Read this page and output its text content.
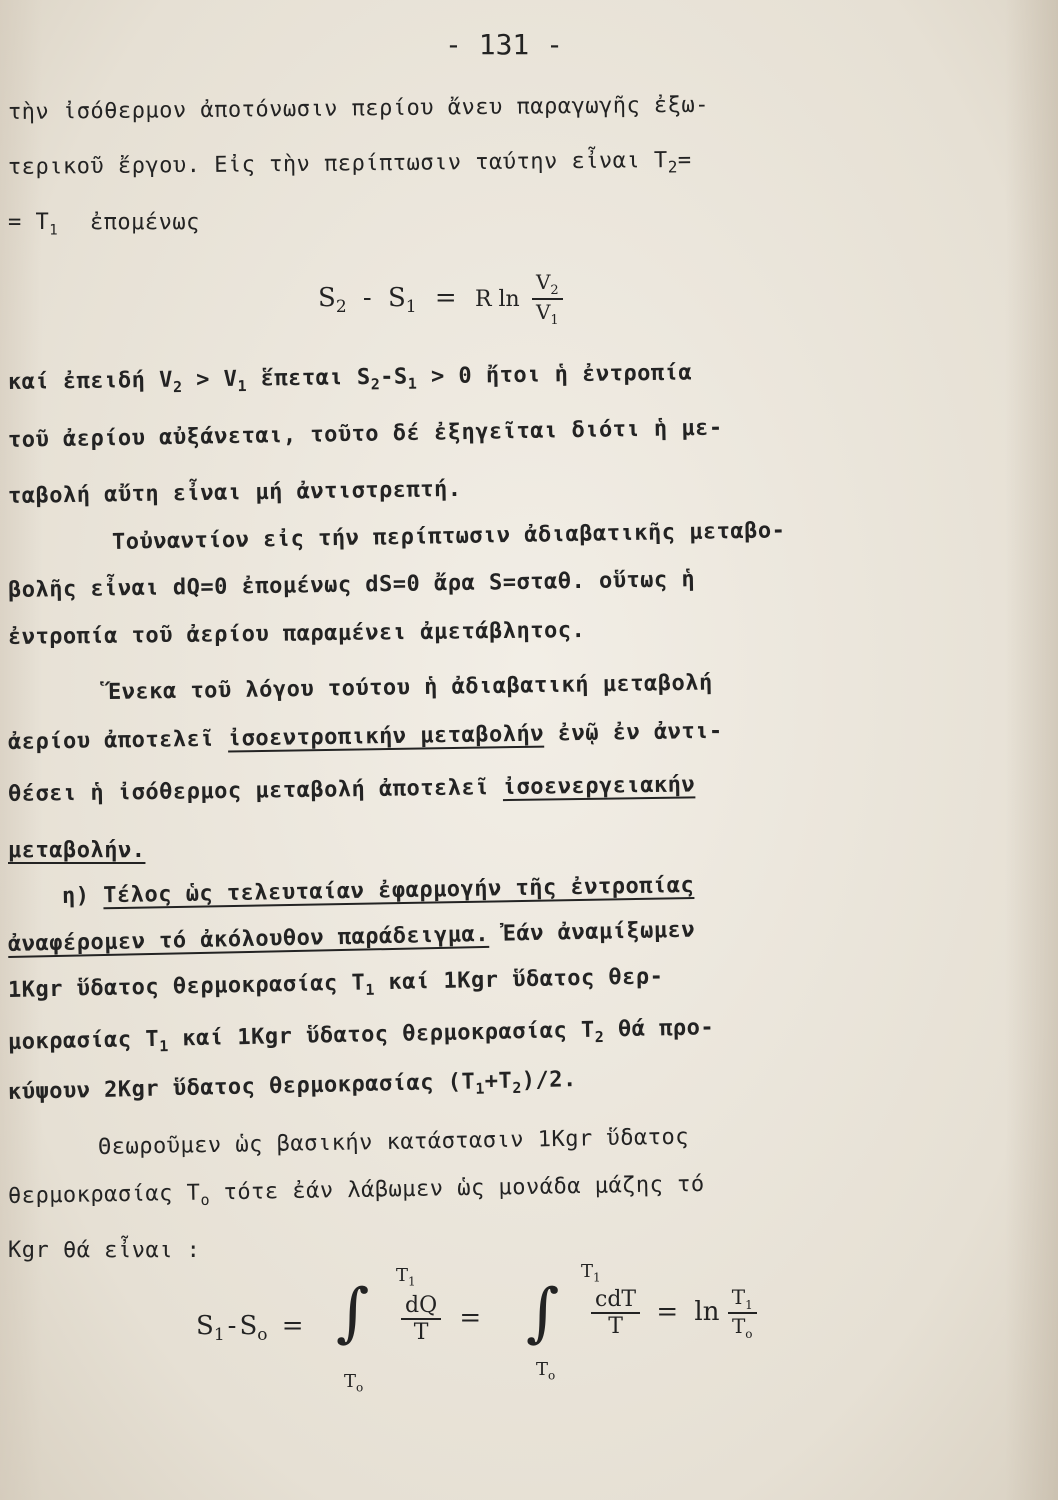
- 131 -
τὴν ἰσόθερμον ἀποτόνωσιν περίου ἄνευ παραγωγῆς ἐξω-
τερικοῦ ἔργου. Εἰς τὴν περίπτωσιν ταύτην εἶναι $T_2=$
= $T_1$ ἐπομένως
$S_2 - S_1 = R$ $\ln \frac{V_2}{V_1}$
καί ἐπειδή $V_2 > V_1$ ἕπεται $S_2-S_1 > 0$ ἤτοι ἡ ἐντροπία
τοῦ ἀερίου αὐξάνεται, τοῦτο δέ ἐξηγεῖται διότι ἡ με-
ταβολή αὔτη εἶναι μή ἀντιστρεπτή.
Τοὐναντίον εἰς τήν περίπτωσιν ἀδιαβατικῆς μεταβο-
βολῆς εἶναι dQ=0 ἐπομένως dS=0 ἄρα S=σταθ. οὕτως ἡ
ἐντροπία τοῦ ἀερίου παραμένει ἀμετάβλητος.
Ἕνεκα τοῦ λόγου τούτου ἡ ἀδιαβατική μεταβολή
ἀερίου ἀποτελεῖ ἰσοεντροπικήν μεταβολήν ἐνῷ ἐν ἀντι-
θέσει ἡ ἰσόθερμος μεταβολή ἀποτελεῖ ἰσοενεργειακήν
μεταβολήν.
η) Τέλος ὡς τελευταίαν ἐφαρμογήν τῆς ἐντροπίας
ἀναφέρομεν τό ἀκόλουθον παράδειγμα. Ἐάν ἀναμίξωμεν
1Kgr ὕδατος θερμοκρασίας $T_1$ καί 1Kgr ὕδατος θερ-
μοκρασίας $T_1$ καί 1Kgr ὕδατος θερμοκρασίας $T_2$ θά προ-
κύψουν 2Kgr ὕδατος θερμοκρασίας $(T_1+T_2)/2$.
Θεωροῦμεν ὡς βασικήν κατάστασιν 1Kgr ὕδατος
θερμοκρασίας $T_o$ τότε ἐάν λάβωμεν ὡς μονάδα μάζης τό
Kgr θά εἶναι :
$S_1 - S_o$ = ∫
$T_1$
$T_o$
$\frac{dQ}{T}$ = ∫
$T_1$
$T_o$
$\frac{\text{cdT}}{T} = \ln \frac{T_1}{T_o}$
